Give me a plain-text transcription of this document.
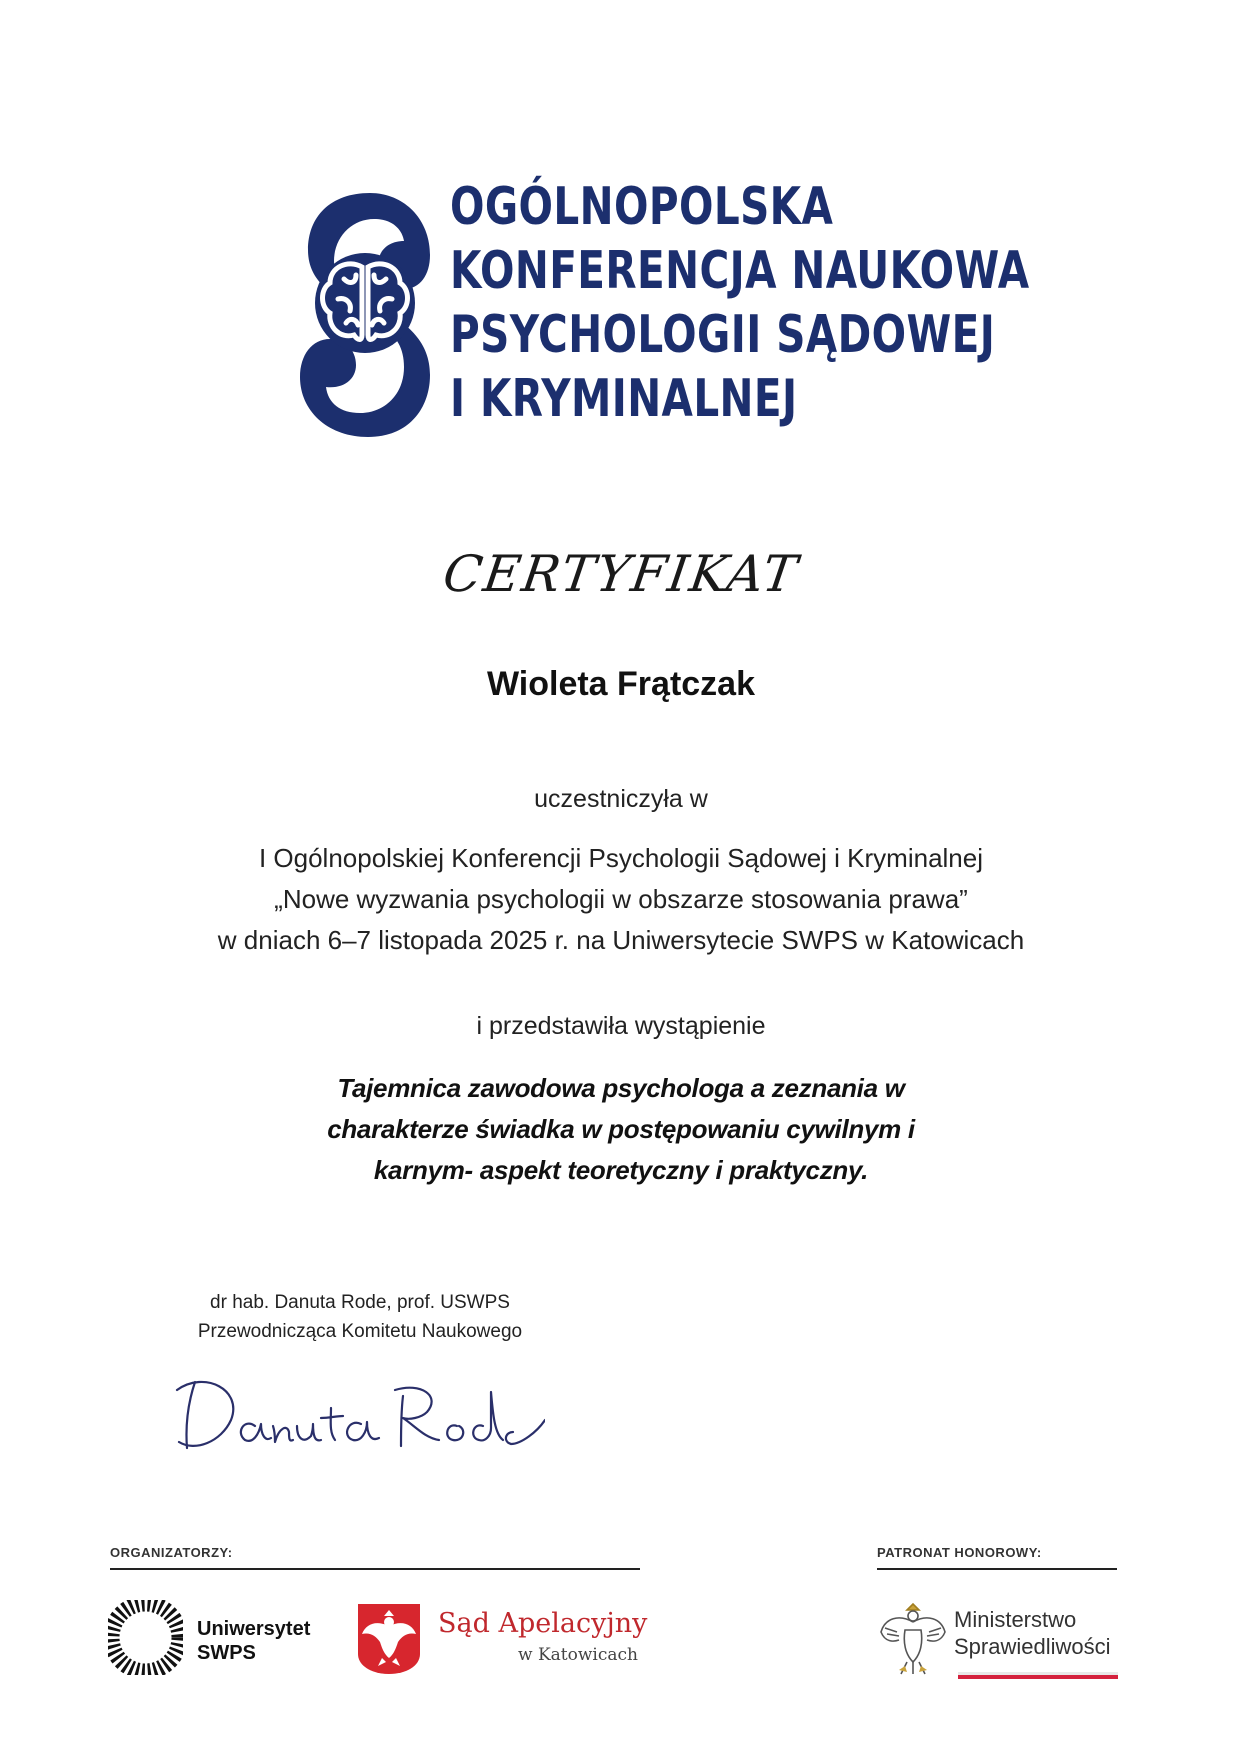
OGÓLNOPOLSKA
KONFERENCJA NAUKOWA
PSYCHOLOGII SĄDOWEJ
I KRYMINALNEJ
CERTYFIKAT
Wioleta Frątczak
uczestniczyła w
I Ogólnopolskiej Konferencji Psychologii Sądowej i Kryminalnej
„Nowe wyzwania psychologii w obszarze stosowania prawa”
w dniach 6–7 listopada 2025 r. na Uniwersytecie SWPS w Katowicach
i przedstawiła wystąpienie
Tajemnica zawodowa psychologa a zeznania w
charakterze świadka w postępowaniu cywilnym i
karnym- aspekt teoretyczny i praktyczny.
dr hab. Danuta Rode, prof. USWPS
Przewodnicząca Komitetu Naukowego
ORGANIZATORZY:	PATRONAT HONOROWY:
Uniwersytet
SWPS
Sąd Apelacyjny
w Katowicach
Ministerstwo
Sprawiedliwości
